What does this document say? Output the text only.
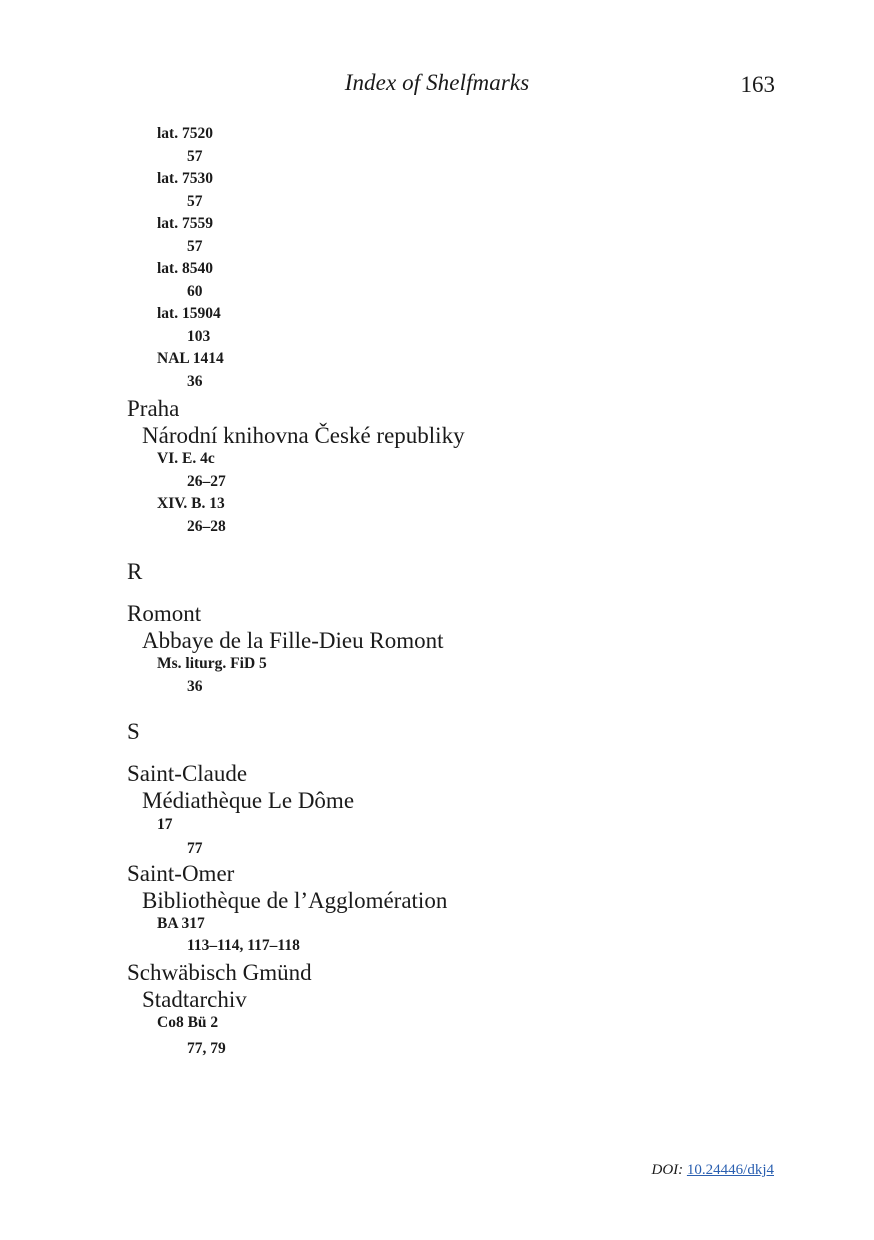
Index of Shelfmarks	163
lat. 7520
57
lat. 7530
57
lat. 7559
57
lat. 8540
60
lat. 15904
103
NAL 1414
36
Praha
Národní knihovna České republiky
VI. E. 4c
26–27
XIV. B. 13
26–28
R
Romont
Abbaye de la Fille-Dieu Romont
Ms. liturg. FiD 5
36
S
Saint-Claude
Médiathèque Le Dôme
17
77
Saint-Omer
Bibliothèque de l’Agglomération
BA 317
113–114, 117–118
Schwäbisch Gmünd
Stadtarchiv
Co8 Bü 2
77, 79
DOI: 10.24446/dkj4
